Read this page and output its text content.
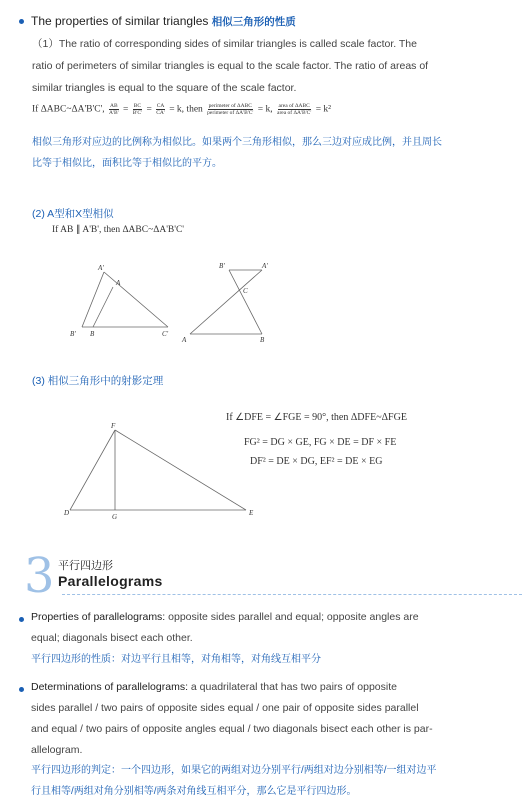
The properties of similar triangles 相似三角形的性质
（1）The ratio of corresponding sides of similar triangles is called scale factor. The
ratio of perimeters of similar triangles is equal to the scale factor. The ratio of areas of
similar triangles is equal to the square of the scale factor.
If ΔABC~ΔA'B'C', $\frac{AB}{A'B'} = \frac{BC}{B'C'} = \frac{CA}{CA'} = k$, then $\frac{\text{perimeter of ΔABC}}{\text{perimeter of ΔA'B'C'}} = k$, $\frac{\text{area of ΔABC}}{\text{area of ΔA'B'C'}} = k^2$
相似三角形对应边的比例称为相似比。如果两个三角形相似，那么三边对应成比例，并且周长
比等于相似比，面积比等于相似比的平方。
(2) A型和X型相似
If AB ∥ A'B', then ΔABC~ΔA'B'C'
A'
A
B' B	C'
B'	A'
C
A	B
(3) 相似三角形中的射影定理
F
D	G	E
If ∠DFE = ∠FGE = 90°, then ΔDFE~ΔFGE
FG² = DG × GE, FG × DE = DF × FE
DF² = DE × DG, EF² = DE × EG
3 平行四边形
Parallelograms
Properties of parallelograms: opposite sides parallel and equal; opposite angles are
equal; diagonals bisect each other.
平行四边形的性质：对边平行且相等，对角相等，对角线互相平分
Determinations of parallelograms: a quadrilateral that has two pairs of opposite
sides parallel / two pairs of opposite sides equal / one pair of opposite sides parallel
and equal / two pairs of opposite angles equal / two diagonals bisect each other is par-
allelogram.
平行四边形的判定：一个四边形，如果它的两组对边分别平行/两组对边分别相等/一组对边平
行且相等/两组对角分别相等/两条对角线互相平分，那么它是平行四边形。
